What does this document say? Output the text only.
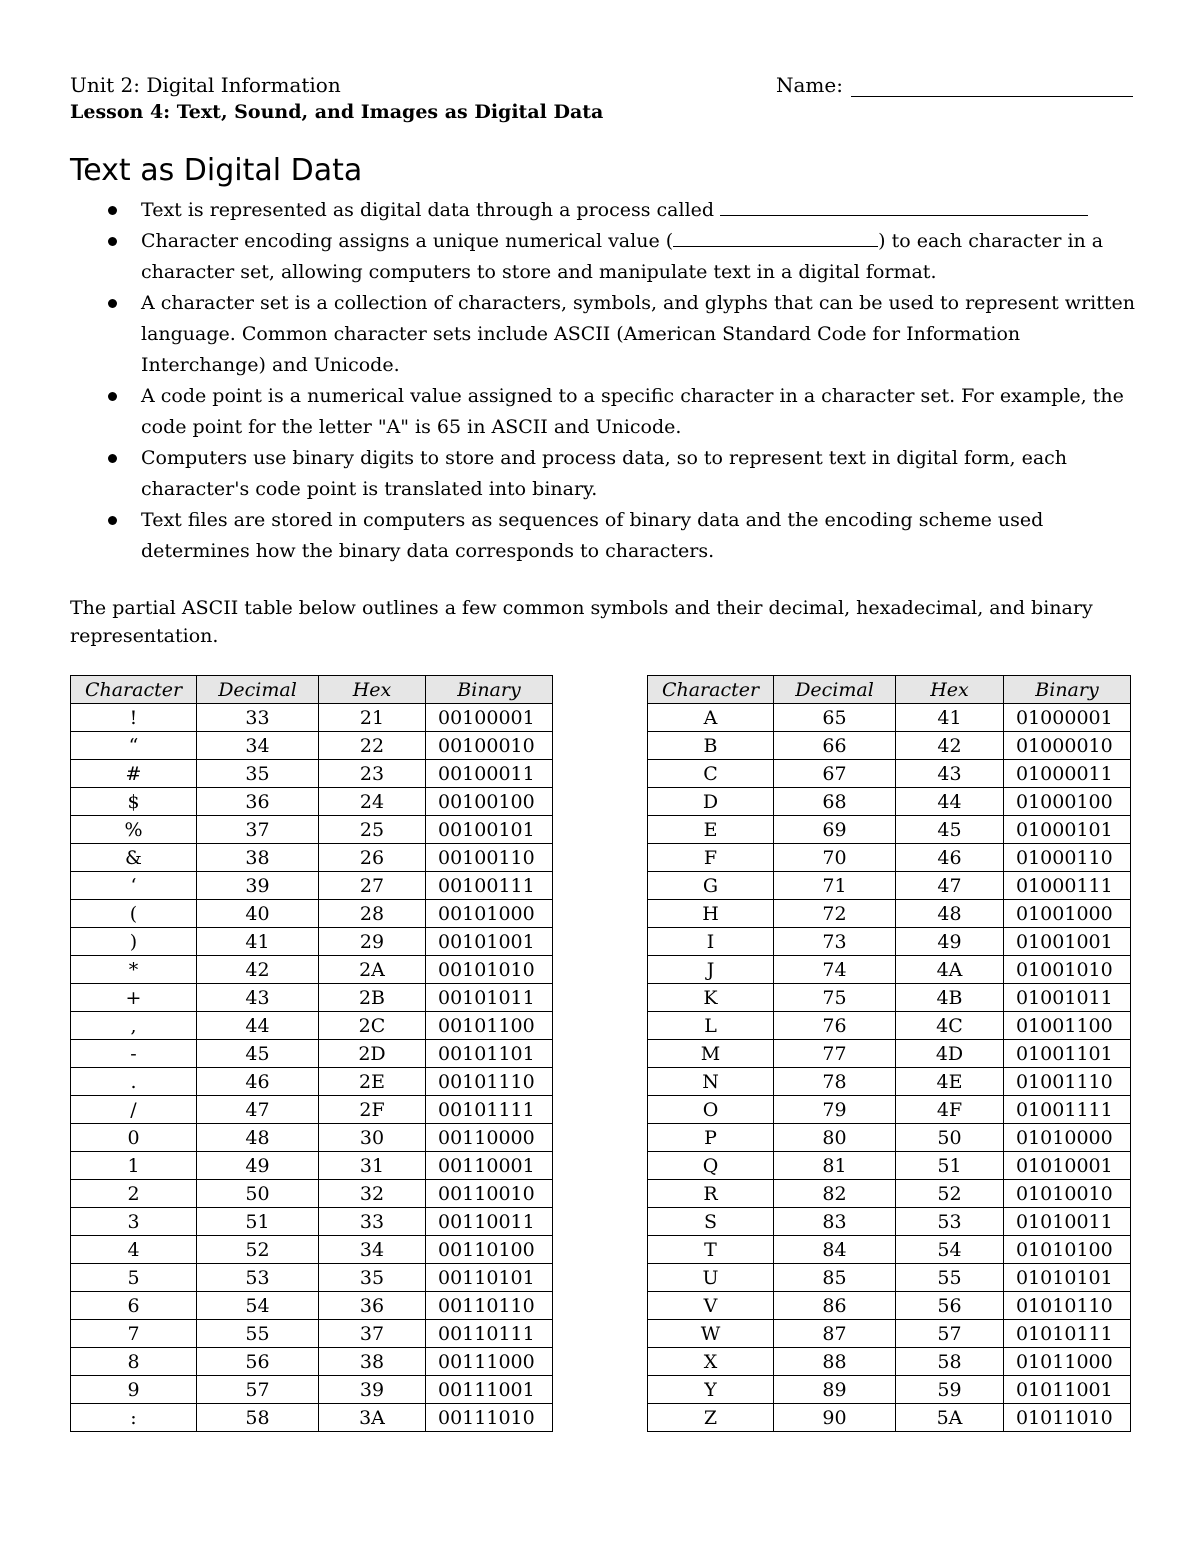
Unit 2: Digital Information
Lesson 4: Text, Sound, and Images as Digital Data
Name:
Text as Digital Data
Text is represented as digital data through a process called
Character encoding assigns a unique numerical value (	) to each character in a character set, allowing computers to store and manipulate text in a digital format.
A character set is a collection of characters, symbols, and glyphs that can be used to represent written language. Common character sets include ASCII (American Standard Code for Information Interchange) and Unicode.
A code point is a numerical value assigned to a specific character in a character set. For example, the code point for the letter "A" is 65 in ASCII and Unicode.
Computers use binary digits to store and process data, so to represent text in digital form, each character's code point is translated into binary.
Text files are stored in computers as sequences of binary data and the encoding scheme used determines how the binary data corresponds to characters.

The partial ASCII table below outlines a few common symbols and their decimal, hexadecimal, and binary representation.

Character	Decimal	Hex	Binary
!	33	21	00100001
“	34	22	00100010
#	35	23	00100011
$	36	24	00100100
%	37	25	00100101
&	38	26	00100110
‘	39	27	00100111
(	40	28	00101000
)	41	29	00101001
*	42	2A	00101010
+	43	2B	00101011
,	44	2C	00101100
-	45	2D	00101101
.	46	2E	00101110
/	47	2F	00101111
0	48	30	00110000
1	49	31	00110001
2	50	32	00110010
3	51	33	00110011
4	52	34	00110100
5	53	35	00110101
6	54	36	00110110
7	55	37	00110111
8	56	38	00111000
9	57	39	00111001
:	58	3A	00111010
Character	Decimal	Hex	Binary
A	65	41	01000001
B	66	42	01000010
C	67	43	01000011
D	68	44	01000100
E	69	45	01000101
F	70	46	01000110
G	71	47	01000111
H	72	48	01001000
I	73	49	01001001
J	74	4A	01001010
K	75	4B	01001011
L	76	4C	01001100
M	77	4D	01001101
N	78	4E	01001110
O	79	4F	01001111
P	80	50	01010000
Q	81	51	01010001
R	82	52	01010010
S	83	53	01010011
T	84	54	01010100
U	85	55	01010101
V	86	56	01010110
W	87	57	01010111
X	88	58	01011000
Y	89	59	01011001
Z	90	5A	01011010
